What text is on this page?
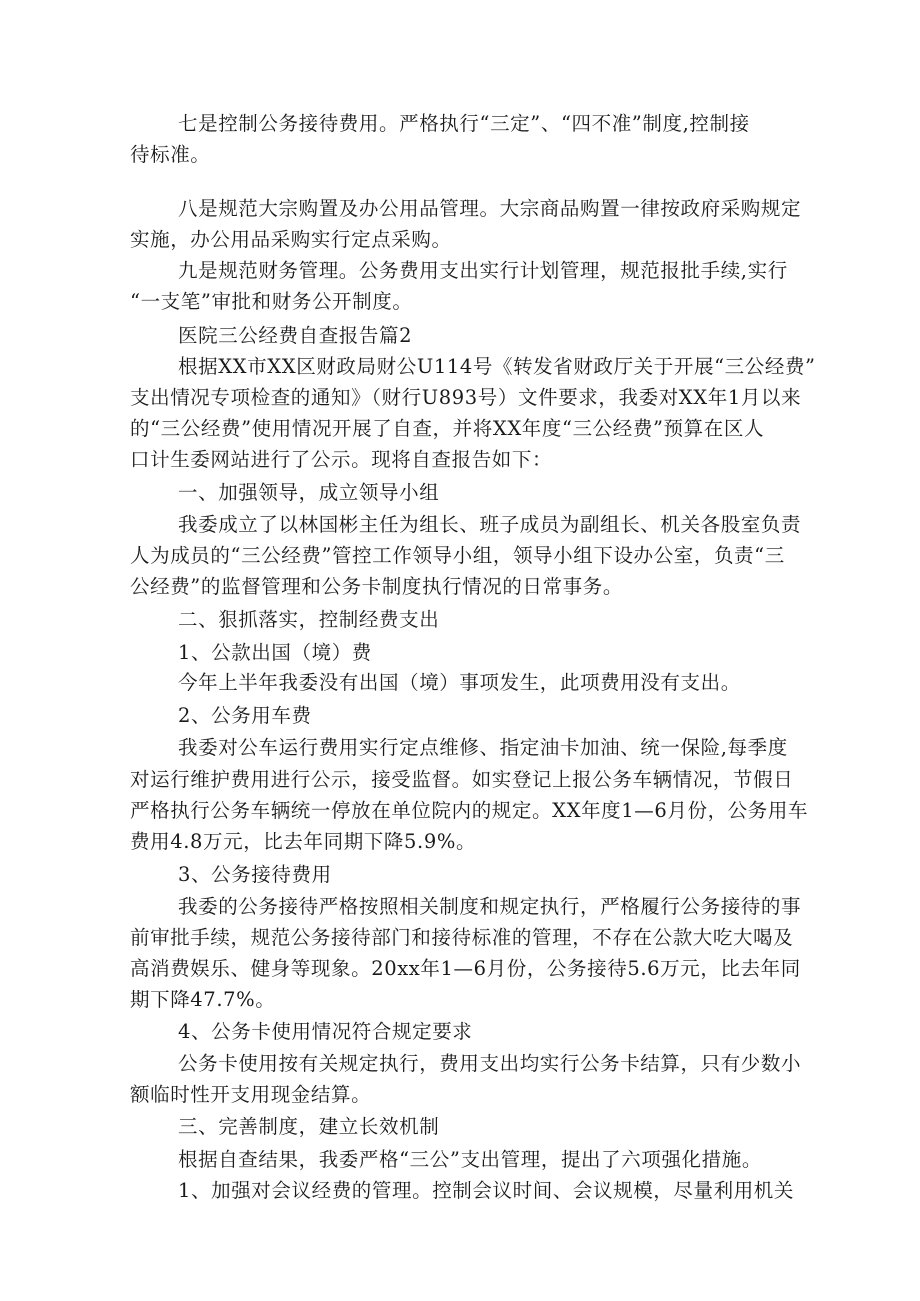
七是控制公务接待费用。严格执行“三定”、“四不准”制度,控制接
待标准。
八是规范大宗购置及办公用品管理。大宗商品购置一律按政府采购规定
实施，办公用品采购实行定点采购。
九是规范财务管理。公务费用支出实行计划管理，规范报批手续,实行
“一支笔”审批和财务公开制度。
医院三公经费自查报告篇2
根据XX市XX区财政局财公U114号《转发省财政厅关于开展“三公经费”
支出情况专项检查的通知》（财行U893号）文件要求，我委对XX年1月以来
的“三公经费”使用情况开展了自查，并将XX年度“三公经费”预算在区人
口计生委网站进行了公示。现将自查报告如下：
一、加强领导，成立领导小组
我委成立了以林国彬主任为组长、班子成员为副组长、机关各股室负责
人为成员的“三公经费”管控工作领导小组，领导小组下设办公室，负责“三
公经费”的监督管理和公务卡制度执行情况的日常事务。
二、狠抓落实，控制经费支出
1、公款出国（境）费
今年上半年我委没有出国（境）事项发生，此项费用没有支出。
2、公务用车费
我委对公车运行费用实行定点维修、指定油卡加油、统一保险,每季度
对运行维护费用进行公示，接受监督。如实登记上报公务车辆情况，节假日
严格执行公务车辆统一停放在单位院内的规定。XX年度1—6月份，公务用车
费用4.8万元，比去年同期下降5.9%。
3、公务接待费用
我委的公务接待严格按照相关制度和规定执行，严格履行公务接待的事
前审批手续，规范公务接待部门和接待标准的管理，不存在公款大吃大喝及
高消费娱乐、健身等现象。20xx年1—6月份，公务接待5.6万元，比去年同
期下降47.7%。
4、公务卡使用情况符合规定要求
公务卡使用按有关规定执行，费用支出均实行公务卡结算，只有少数小
额临时性开支用现金结算。
三、完善制度，建立长效机制
根据自查结果，我委严格“三公”支出管理，提出了六项强化措施。
1、加强对会议经费的管理。控制会议时间、会议规模，尽量利用机关
